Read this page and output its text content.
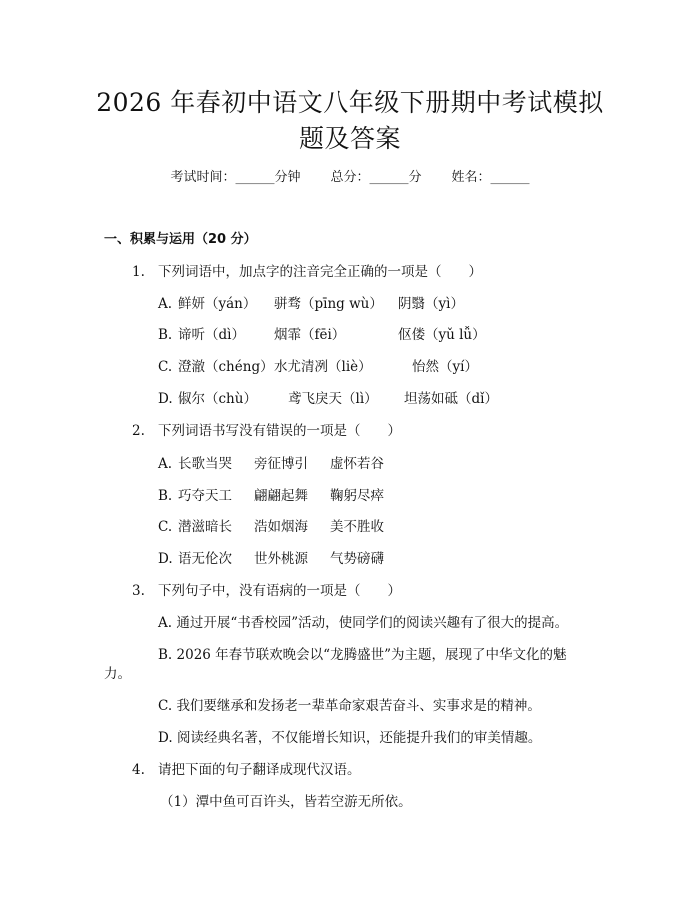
2026 年春初中语文八年级下册期中考试模拟
题及答案
考试时间：______分钟 总分：______分 姓名：______
一、积累与运用（20 分）
1. 下列词语中，加点字的注音完全正确的一项是（　　）
A. 鲜妍（yán） 骈骛（pīng wù） 阴翳（yì）
B. 谛听（dì） 烟霏（fēi）	伛偻（yǔ lǚ）
C. 澄澈（chéng） 水尤清冽（liè）	怡然（yí）
D. 俶尔（chù） 鸢飞戾天（lì） 坦荡如砥（dǐ）
2. 下列词语书写没有错误的一项是（　　）
A. 长歌当哭 旁征博引 虚怀若谷
B. 巧夺天工 翩翩起舞 鞠躬尽瘁
C. 潜滋暗长 浩如烟海 美不胜收
D. 语无伦次 世外桃源 气势磅礴
3. 下列句子中，没有语病的一项是（　　）
A. 通过开展“书香校园”活动，使同学们的阅读兴趣有了很大的提高。
B. 2026 年春节联欢晚会以“龙腾盛世”为主题，展现了中华文化的魅
力。
C. 我们要继承和发扬老一辈革命家艰苦奋斗、实事求是的精神。
D. 阅读经典名著，不仅能增长知识，还能提升我们的审美情趣。
4. 请把下面的句子翻译成现代汉语。
（1）潭中鱼可百许头，皆若空游无所依。
